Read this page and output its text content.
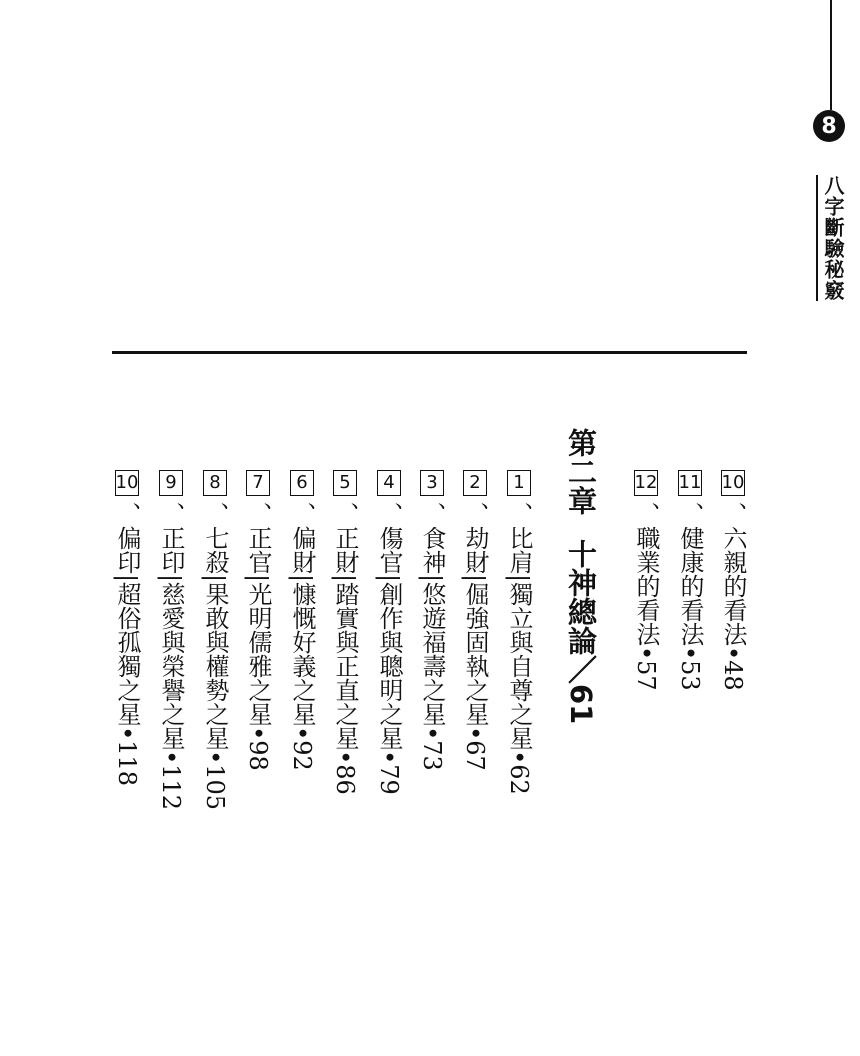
8
八字斷驗秘竅
10、六親的看法•48
11、健康的看法•53
12、職業的看法•57
第二章十神總論／61
1、比肩|獨立與自尊之星•62
2、劫財|倔強固執之星•67
3、食神|悠遊福壽之星•73
4、傷官|創作與聰明之星•79
5、正財|踏實與正直之星•86
6、偏財|慷慨好義之星•92
7、正官|光明儒雅之星•98
8、七殺|果敢與權勢之星•105
9、正印|慈愛與榮譽之星•112
10、偏印|超俗孤獨之星•118
